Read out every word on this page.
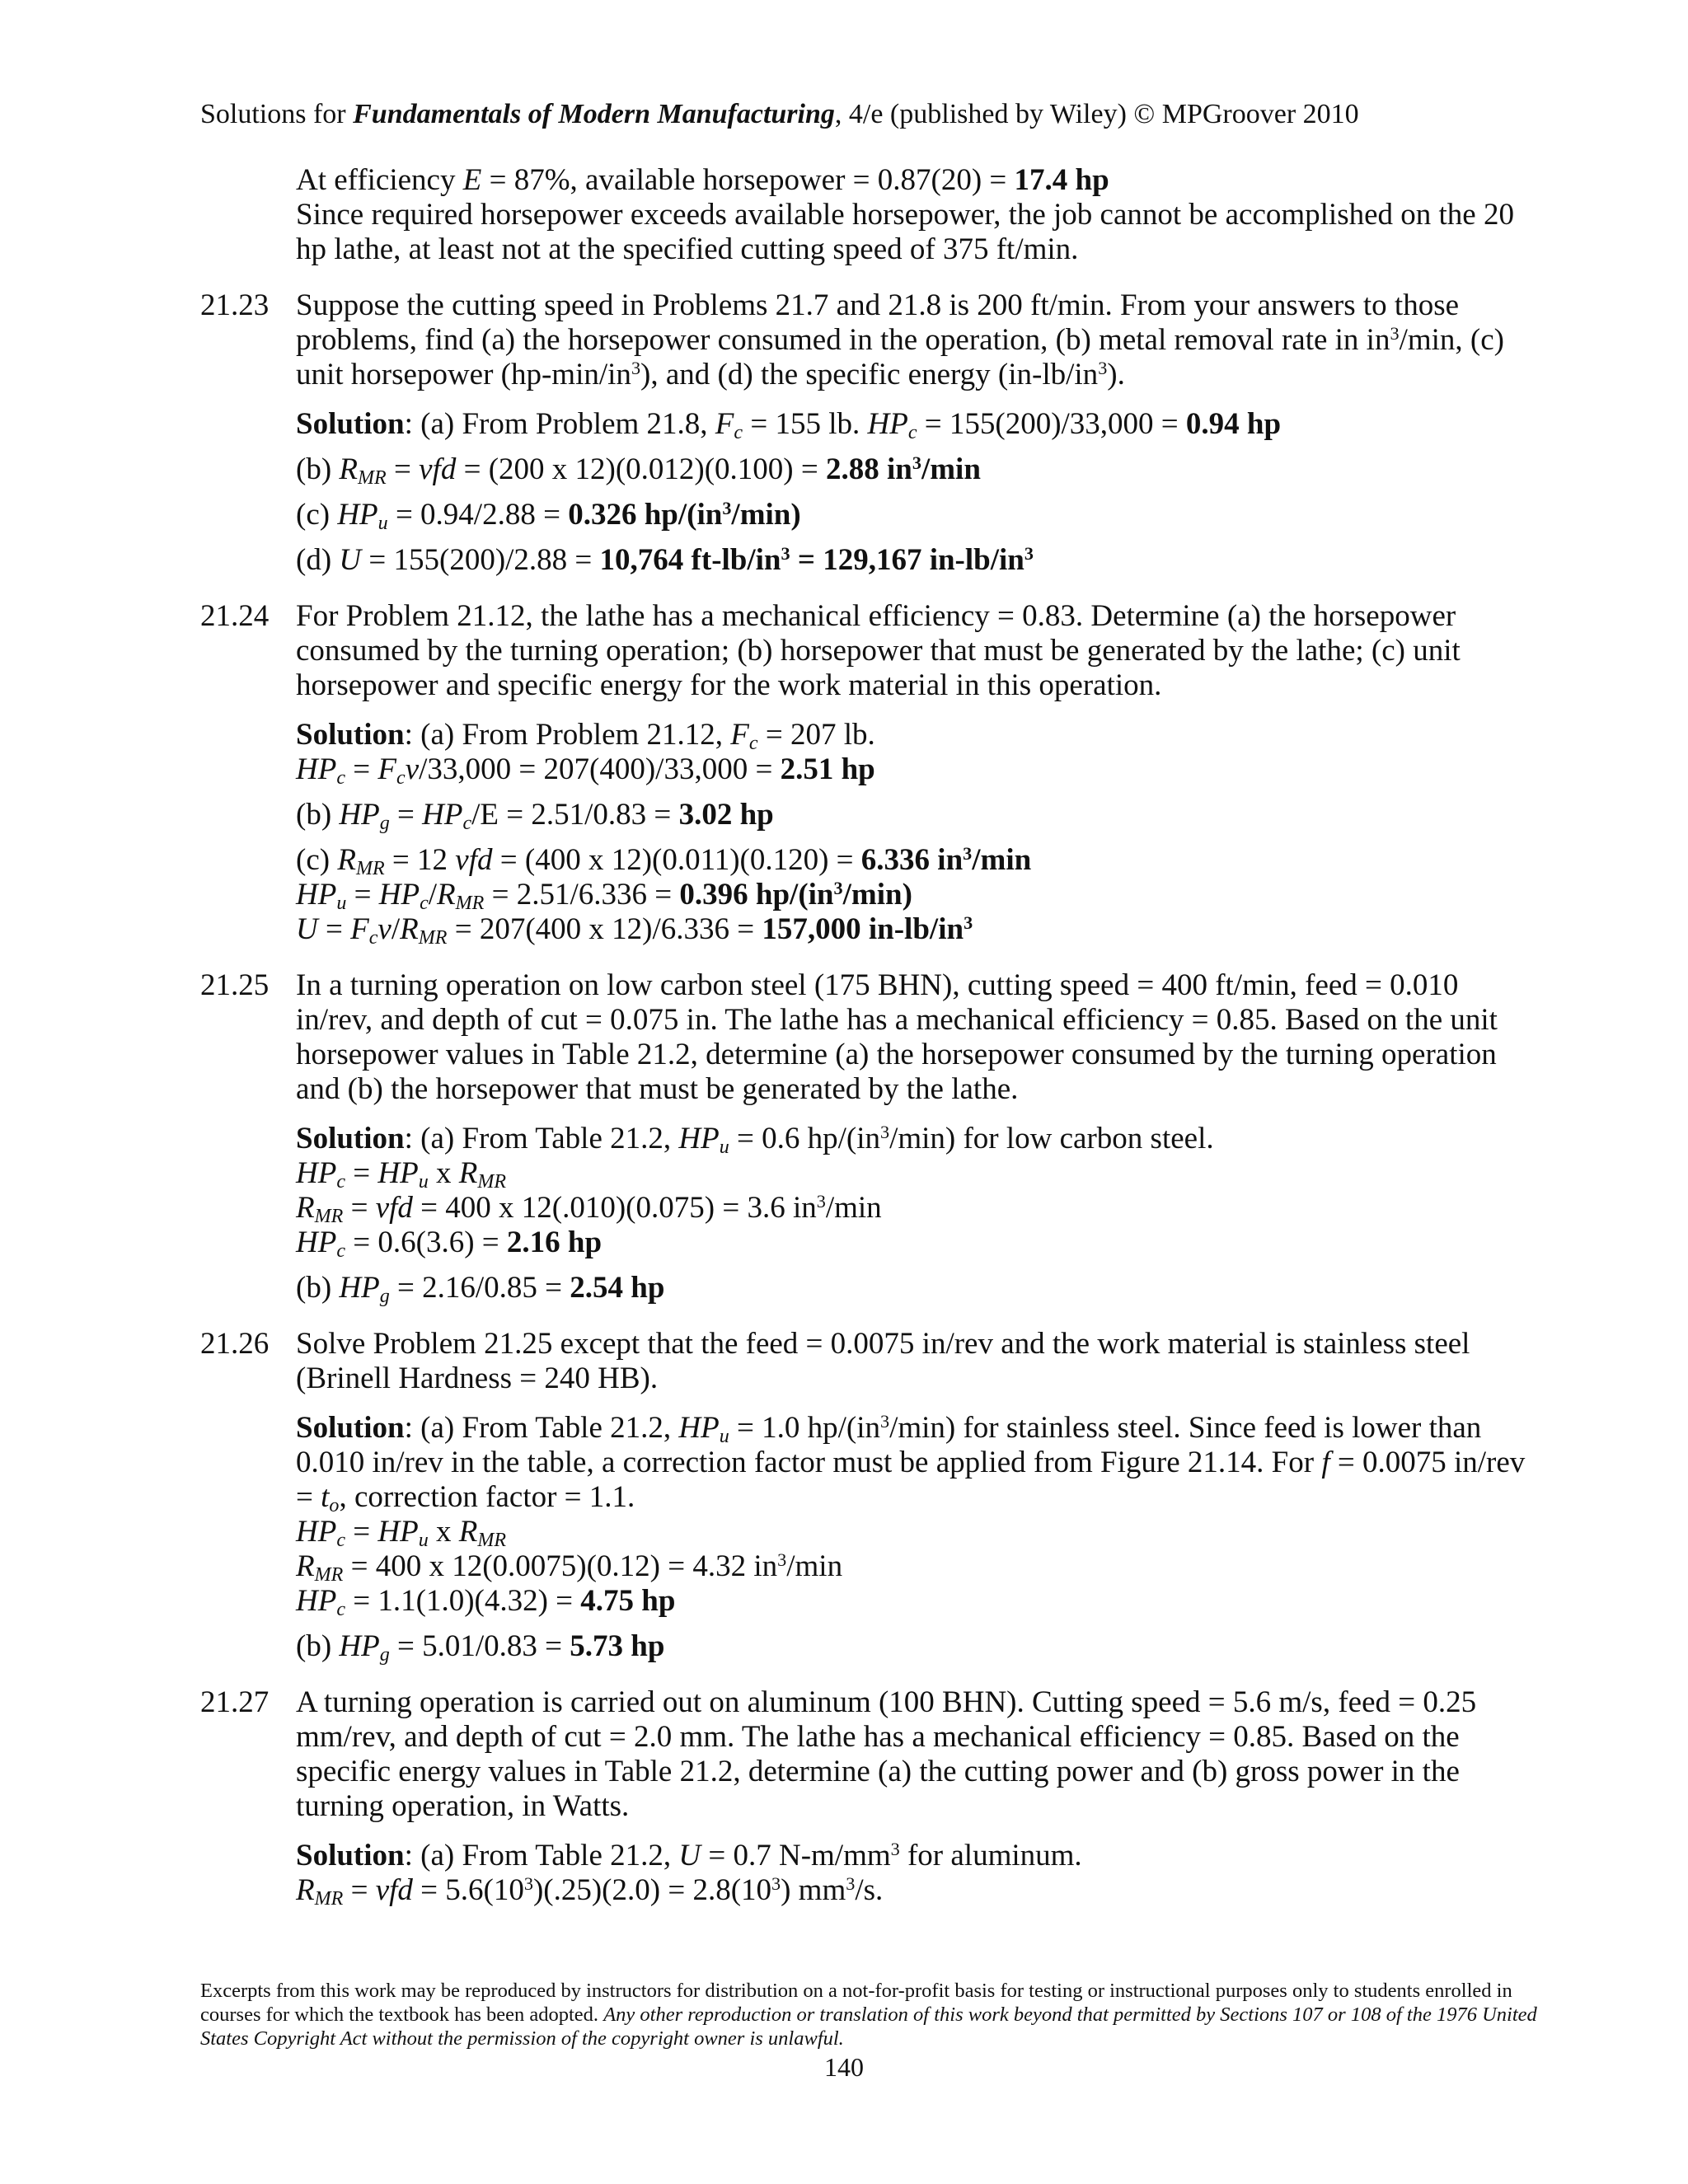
Solutions for Fundamentals of Modern Manufacturing, 4/e (published by Wiley) © MPGroover 2010

At efficiency E = 87%, available horsepower = 0.87(20) = 17.4 hp

Since required horsepower exceeds available horsepower, the job cannot be accomplished on the 20 hp lathe, at least not at the specified cutting speed of 375 ft/min.

21.23 Suppose the cutting speed in Problems 21.7 and 21.8 is 200 ft/min. From your answers to those problems, find (a) the horsepower consumed in the operation, (b) metal removal rate in $in^3/\min$, (c) unit horsepower $(hp-\min/in^3)$, and (d) the specific energy $(in-lb/in^3)$.

Solution: (a) From Problem 21.8, $F_c = 155$ lb. $HP_c = 155(200)/33,000 = 0.94$ hp

(b) $R_{MR}$ = vfd = (200 x 12)(0.012)(0.100) = 2.88 $in^3/\min$

(c) $HP_u = 0.94/2.88 = 0.326$ $hp/(in^3/\min)$

(d) U = 155(200)/2.88 = 10,764 $ft-lb/in^3 = 129,167$ $in-lb/in^3$

21.24 For Problem 21.12, the lathe has a mechanical efficiency = 0.83. Determine (a) the horsepower consumed by the turning operation; (b) horsepower that must be generated by the lathe; (c) unit horsepower and specific energy for the work material in this operation.

Solution: (a) From Problem 21.12, $F_c = 207$ lb.

$HP_c = F_cv/33,000 = 207(400)/33,000 = 2.51$ hp

(b) $HP_g = HP_c/E = 2.51/0.83 = 3.02$ hp

(c) $R_{MR} = 12$ vfd = (400 x 12)(0.011)(0.120) = 6.336 $in^3/\min$

$HP_u = HP_c/R_{MR} = 2.51/6.336 = 0.396$ $hp/(in^3/\min)$

$U = F_cv/R_{MR} = 207(400$ x 12)/6.336 = 157,000 $in-lb/in^3$

21.25 In a turning operation on low carbon steel (175 BHN), cutting speed = 400 ft/min, feed = 0.010 in/rev, and depth of cut = 0.075 in. The lathe has a mechanical efficiency = 0.85. Based on the unit horsepower values in Table 21.2, determine (a) the horsepower consumed by the turning operation and (b) the horsepower that must be generated by the lathe.

Solution: (a) From Table 21.2, $HP_u = 0.6$ $hp/(in^3/\min)$ for low carbon steel.

$HP_c = HP_u$ x $R_{MR}$

$R_{MR}$ = vfd = 400 x 12(.010)(0.075) = 3.6 $in^3/\min$

$HP_c = 0.6(3.6) = 2.16$ hp

(b) $HP_g = 2.16/0.85 = 2.54$ hp

21.26 Solve Problem 21.25 except that the feed = 0.0075 in/rev and the work material is stainless steel (Brinell Hardness = 240 HB).

Solution: (a) From Table 21.2, $HP_u = 1.0$ $hp/(in^3/\min)$ for stainless steel. Since feed is lower than 0.010 in/rev in the table, a correction factor must be applied from Figure 21.14. For f = 0.0075 $in/rev = t_o$, correction factor = 1.1.

$HP_c = HP_u$ x $R_{MR}$

$R_{MR} = 400$ x 12(0.0075)(0.12) = 4.32 $in^3/\min$

$HP_c = 1.1(1.0)(4.32) = 4.75$ hp

(b) $HP_g = 5.01/0.83 = 5.73$ hp

21.27 A turning operation is carried out on aluminum (100 BHN). Cutting speed = 5.6 m/s, feed = 0.25 mm/rev, and depth of cut = 2.0 mm. The lathe has a mechanical efficiency = 0.85. Based on the specific energy values in Table 21.2, determine (a) the cutting power and (b) gross power in the turning operation, in Watts.

Solution: (a) From Table 21.2, U = 0.7 $N-m/mm^3$ for aluminum.

$R_{MR}$ = vfd = $5.6(10^3)(.25)(2.0) = 2.8(10^3)$ $mm^3/s$.

Excerpts from this work may be reproduced by instructors for distribution on a not-for-profit basis for testing or instructional purposes only to students enrolled in courses for which the textbook has been adopted. Any other reproduction or translation of this work beyond that permitted by Sections 107 or 108 of the 1976 United States Copyright Act without the permission of the copyright owner is unlawful.
140
